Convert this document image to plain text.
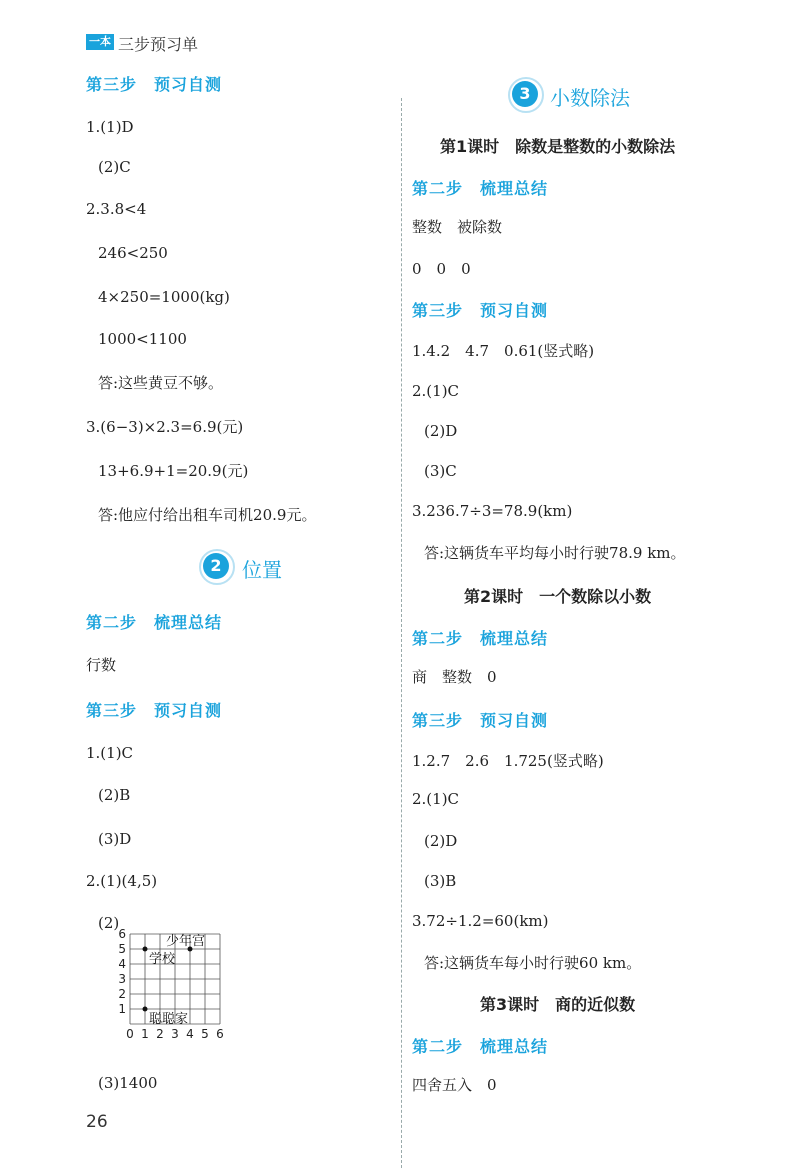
一本 三步预习单
第三步　预习自测
1.(1)D
(2)C
2.3.8<4
246<250
4×250=1000(kg)
1000<1100
答:这些黄豆不够。
3.(6−3)×2.3=6.9(元)
13+6.9+1=20.9(元)
答:他应付给出租车司机20.9元。
2	位置
第二步　梳理总结
行数
第三步　预习自测
1.(1)C
(2)B
(3)D
2.(1)(4,5)
(2)
0 1 2 3 4 5 6
1
2
3
4
5
6	少年宫
学校
聪聪家
(3)1400
26
3 小数除法
第1课时　除数是整数的小数除法
第二步　梳理总结
整数　被除数
0　0　0
第三步　预习自测
1.4.2　4.7　0.61(竖式略)
2.(1)C
(2)D
(3)C
3.236.7÷3=78.9(km)
答:这辆货车平均每小时行驶78.9 km。
第2课时　一个数除以小数
第二步　梳理总结
商　整数　0
第三步　预习自测
1.2.7　2.6　1.725(竖式略)
2.(1)C
(2)D
(3)B
3.72÷1.2=60(km)
答:这辆货车每小时行驶60 km。
第3课时　商的近似数
第二步　梳理总结
四舍五入　0
